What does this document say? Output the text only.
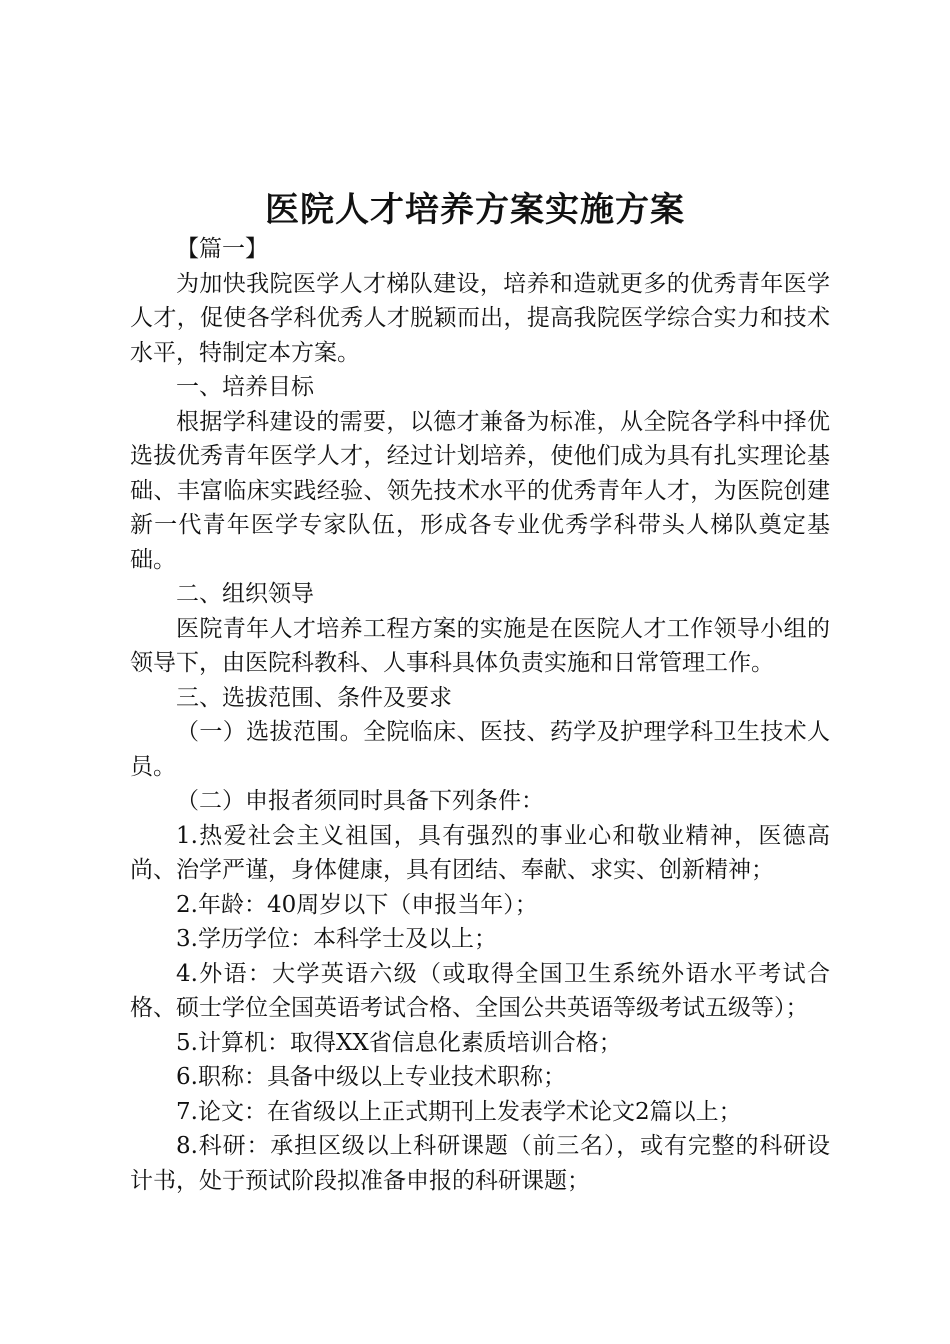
医院人才培养方案实施方案

【篇一】

为加快我院医学人才梯队建设，培养和造就更多的优秀青年医学人才，促使各学科优秀人才脱颖而出，提高我院医学综合实力和技术水平，特制定本方案。

一、培养目标

根据学科建设的需要，以德才兼备为标准，从全院各学科中择优选拔优秀青年医学人才，经过计划培养，使他们成为具有扎实理论基础、丰富临床实践经验、领先技术水平的优秀青年人才，为医院创建新一代青年医学专家队伍，形成各专业优秀学科带头人梯队奠定基础。

二、组织领导

医院青年人才培养工程方案的实施是在医院人才工作领导小组的领导下，由医院科教科、人事科具体负责实施和日常管理工作。

三、选拔范围、条件及要求

（一）选拔范围。全院临床、医技、药学及护理学科卫生技术人员。

（二）申报者须同时具备下列条件：

1.热爱社会主义祖国，具有强烈的事业心和敬业精神，医德高尚、治学严谨，身体健康，具有团结、奉献、求实、创新精神；

2.年龄：40周岁以下（申报当年）；

3.学历学位：本科学士及以上；

4.外语：大学英语六级（或取得全国卫生系统外语水平考试合格、硕士学位全国英语考试合格、全国公共英语等级考试五级等）；

5.计算机：取得XX省信息化素质培训合格；

6.职称：具备中级以上专业技术职称；

7.论文：在省级以上正式期刊上发表学术论文2篇以上；

8.科研：承担区级以上科研课题（前三名），或有完整的科研设计书，处于预试阶段拟准备申报的科研课题；
